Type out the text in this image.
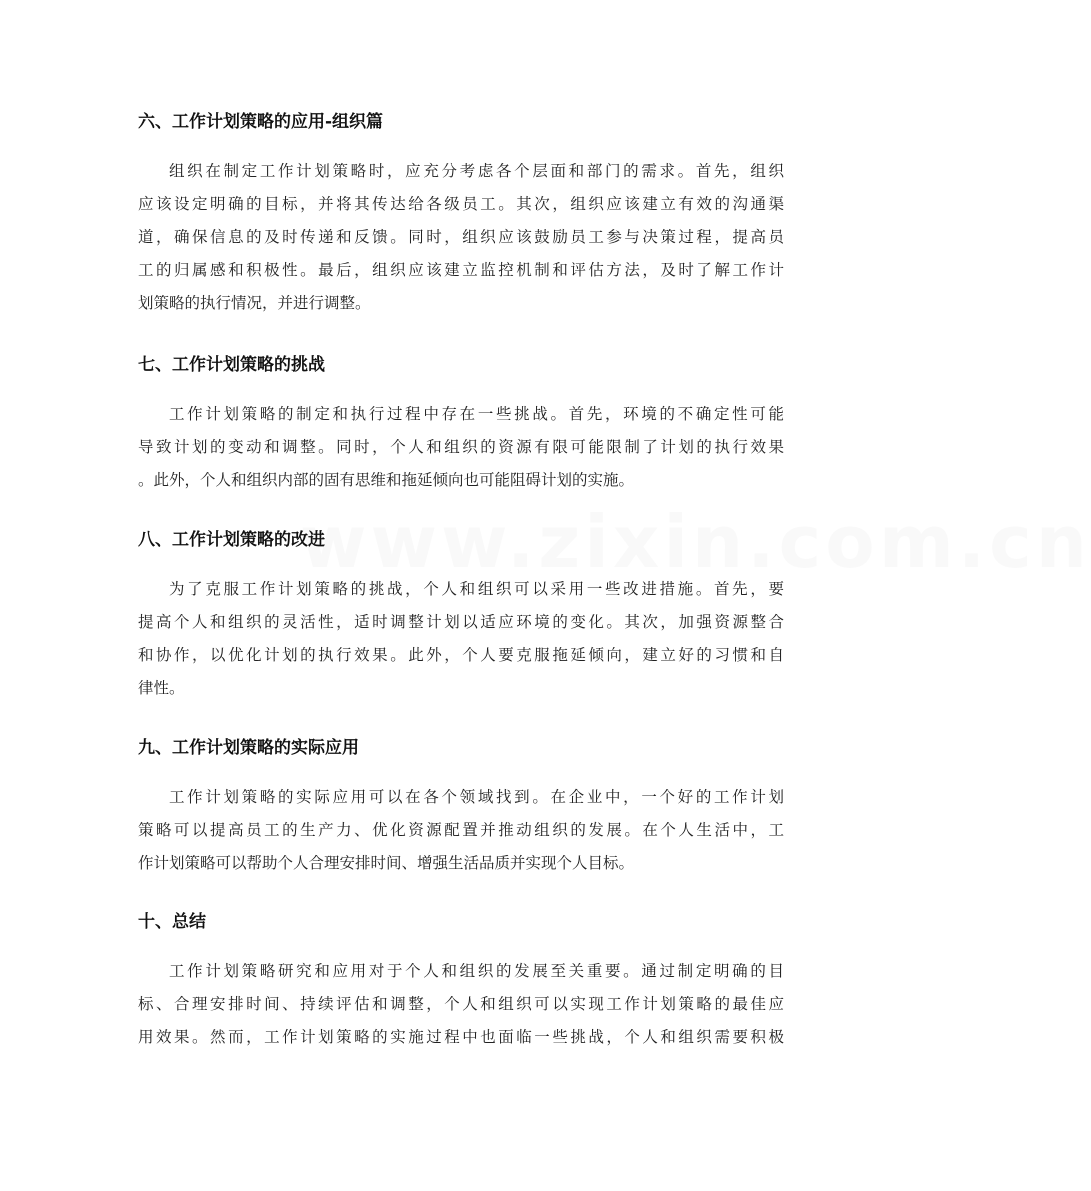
www.zixin.com.cn
六、工作计划策略的应用-组织篇
组织在制定工作计划策略时，应充分考虑各个层面和部门的需求。首先，组织
应该设定明确的目标，并将其传达给各级员工。其次，组织应该建立有效的沟通渠
道，确保信息的及时传递和反馈。同时，组织应该鼓励员工参与决策过程，提高员
工的归属感和积极性。最后，组织应该建立监控机制和评估方法，及时了解工作计
划策略的执行情况，并进行调整。
七、工作计划策略的挑战
工作计划策略的制定和执行过程中存在一些挑战。首先，环境的不确定性可能
导致计划的变动和调整。同时，个人和组织的资源有限可能限制了计划的执行效果
。此外，个人和组织内部的固有思维和拖延倾向也可能阻碍计划的实施。
八、工作计划策略的改进
为了克服工作计划策略的挑战，个人和组织可以采用一些改进措施。首先，要
提高个人和组织的灵活性，适时调整计划以适应环境的变化。其次，加强资源整合
和协作，以优化计划的执行效果。此外，个人要克服拖延倾向，建立好的习惯和自
律性。
九、工作计划策略的实际应用
工作计划策略的实际应用可以在各个领域找到。在企业中，一个好的工作计划
策略可以提高员工的生产力、优化资源配置并推动组织的发展。在个人生活中，工
作计划策略可以帮助个人合理安排时间、增强生活品质并实现个人目标。
十、总结
工作计划策略研究和应用对于个人和组织的发展至关重要。通过制定明确的目
标、合理安排时间、持续评估和调整，个人和组织可以实现工作计划策略的最佳应
用效果。然而，工作计划策略的实施过程中也面临一些挑战，个人和组织需要积极
